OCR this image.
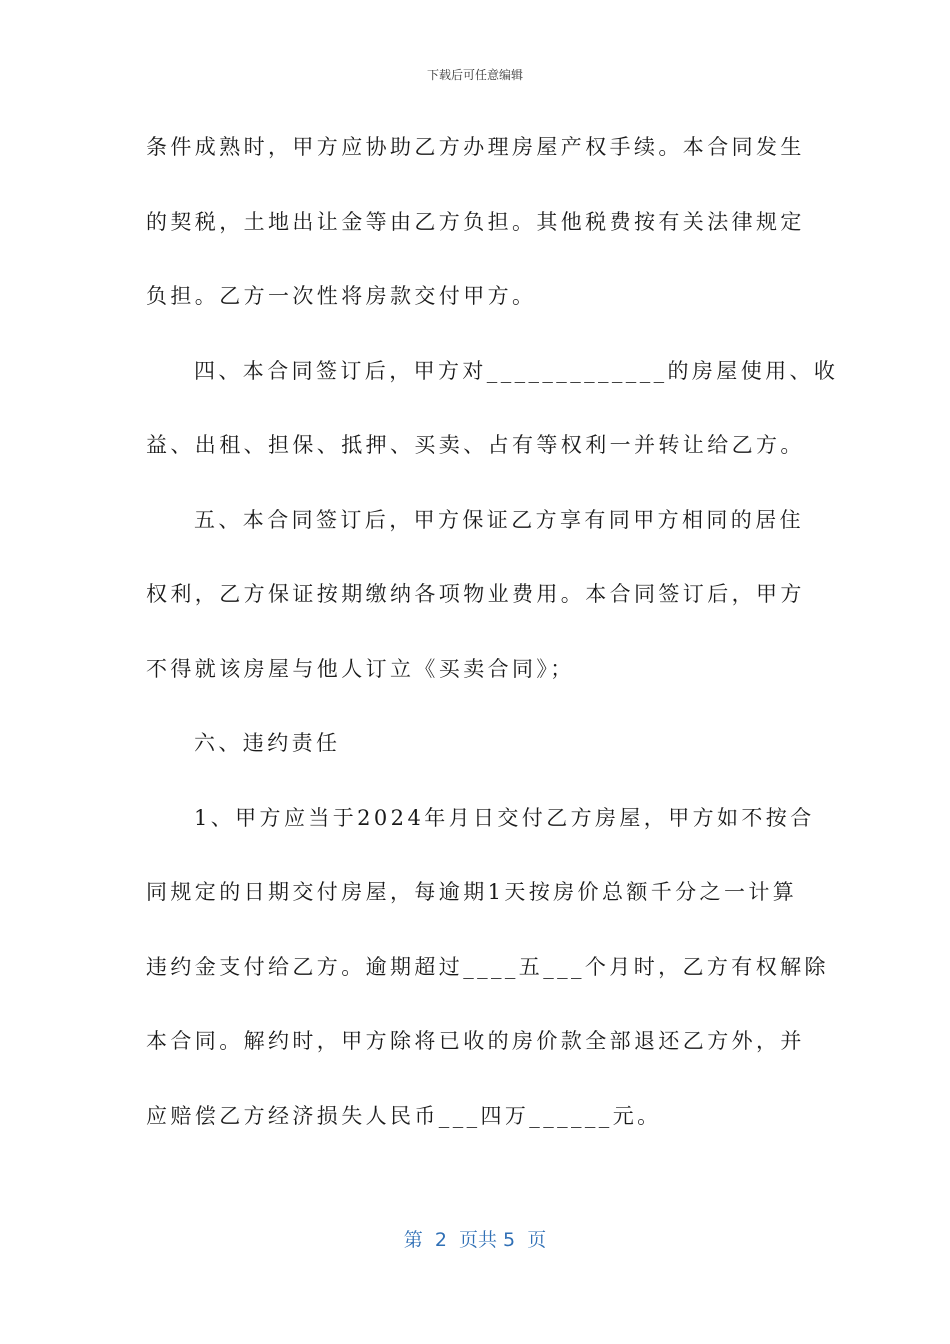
下载后可任意编辑
条件成熟时，甲方应协助乙方办理房屋产权手续。本合同发生
的契税，土地出让金等由乙方负担。其他税费按有关法律规定
负担。乙方一次性将房款交付甲方。
四、本合同签订后，甲方对_____________的房屋使用、收
益、出租、担保、抵押、买卖、占有等权利一并转让给乙方。
五、本合同签订后，甲方保证乙方享有同甲方相同的居住
权利，乙方保证按期缴纳各项物业费用。本合同签订后，甲方
不得就该房屋与他人订立《买卖合同》；
六、违约责任
1、甲方应当于2024年月日交付乙方房屋，甲方如不按合
同规定的日期交付房屋，每逾期1天按房价总额千分之一计算
违约金支付给乙方。逾期超过____五___个月时，乙方有权解除
本合同。解约时，甲方除将已收的房价款全部退还乙方外，并
应赔偿乙方经济损失人民币___四万______元。
第  2  页共 5  页
